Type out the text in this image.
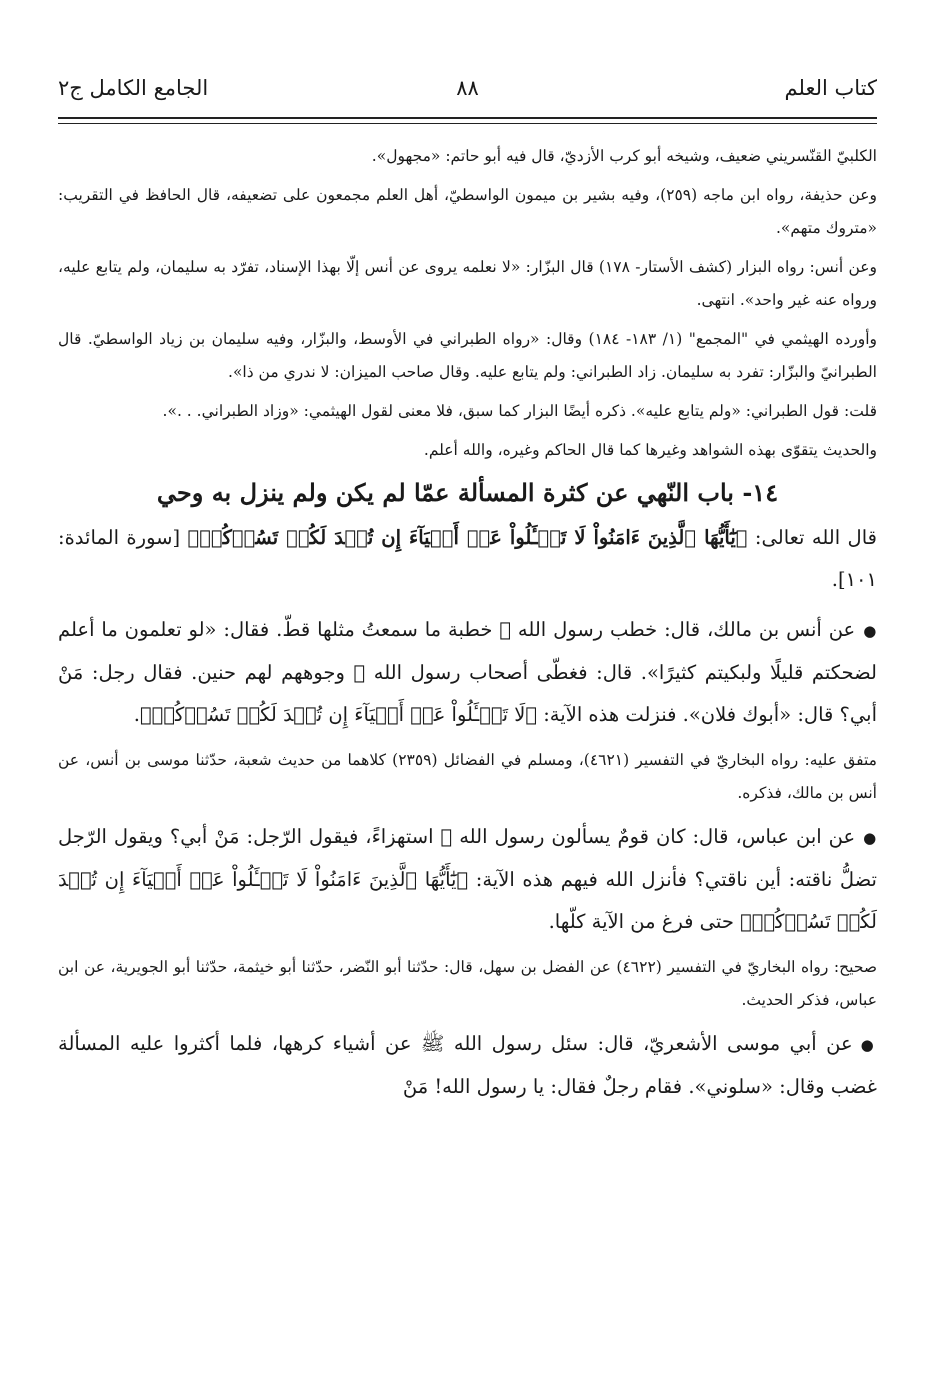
كتاب العلم
٨٨
الجامع الكامل ج٢

الكلبيّ القنّسريني ضعيف، وشيخه أبو كرب الأزديّ، قال فيه أبو حاتم: «مجهول».

وعن حذيفة، رواه ابن ماجه (٢٥٩)، وفيه بشير بن ميمون الواسطيّ، أهل العلم مجمعون على تضعيفه، قال الحافظ في التقريب: «متروك متهم».

وعن أنس: رواه البزار (كشف الأستار- ١٧٨) قال البزّار: «لا نعلمه يروى عن أنس إلّا بهذا الإسناد، تفرّد به سليمان، ولم يتابع عليه، ورواه عنه غير واحد». انتهى.

وأورده الهيثمي في "المجمع" (١/ ١٨٣- ١٨٤) وقال: «رواه الطبراني في الأوسط، والبزّار، وفيه سليمان بن زياد الواسطيّ. قال الطبرانيّ والبزّار: تفرد به سليمان. زاد الطبراني: ولم يتابع عليه. وقال صاحب الميزان: لا ندري من ذا».

قلت: قول الطبراني: «ولم يتابع عليه». ذكره أيضًا البزار كما سبق، فلا معنى لقول الهيثمي: «وزاد الطبراني. . .».

والحديث يتقوّى بهذه الشواهد وغيرها كما قال الحاكم وغيره، والله أعلم.

١٤- باب النّهي عن كثرة المسألة عمّا لم يكن ولم ينزل به وحي

قال الله تعالى: ﴿يَٰٓأَيُّهَا ٱلَّذِينَ ءَامَنُواْ لَا تَسۡـَٔلُواْ عَنۡ أَشۡيَآءَ إِن تُبۡدَ لَكُمۡ تَسُؤۡكُمۡ﴾ [سورة المائدة: ١٠١].

●عن أنس بن مالك، قال: خطب رسول الله ﷺ خطبة ما سمعتُ مثلها قطّ. فقال: «لو تعلمون ما أعلم لضحكتم قليلًا ولبكيتم كثيرًا». قال: فغطّى أصحاب رسول الله ﷺ وجوههم لهم حنين. فقال رجل: مَنْ أبي؟ قال: «أبوك فلان». فنزلت هذه الآية: ﴿لَا تَسۡـَٔلُواْ عَنۡ أَشۡيَآءَ إِن تُبۡدَ لَكُمۡ تَسُؤۡكُمۡ﴾.

متفق عليه: رواه البخاريّ في التفسير (٤٦٢١)، ومسلم في الفضائل (٢٣٥٩) كلاهما من حديث شعبة، حدّثنا موسى بن أنس، عن أنس بن مالك، فذكره.

●عن ابن عباس، قال: كان قومٌ يسألون رسول الله ﷺ استهزاءً، فيقول الرّجل: مَنْ أبي؟ ويقول الرّجل تضلُّ ناقته: أين ناقتي؟ فأنزل الله فيهم هذه الآية: ﴿يَٰٓأَيُّهَا ٱلَّذِينَ ءَامَنُواْ لَا تَسۡـَٔلُواْ عَنۡ أَشۡيَآءَ إِن تُبۡدَ لَكُمۡ تَسُؤۡكُمۡ﴾ حتى فرغ من الآية كلّها.

صحيح: رواه البخاريّ في التفسير (٤٦٢٢) عن الفضل بن سهل، قال: حدّثنا أبو النّضر، حدّثنا أبو خيثمة، حدّثنا أبو الجويرية، عن ابن عباس، فذكر الحديث.

●عن أبي موسى الأشعريّ، قال: سئل رسول الله ﷺ عن أشياء كرهها، فلما أكثروا عليه المسألة غضب وقال: «سلوني». فقام رجلٌ فقال: يا رسول الله! مَنْ
